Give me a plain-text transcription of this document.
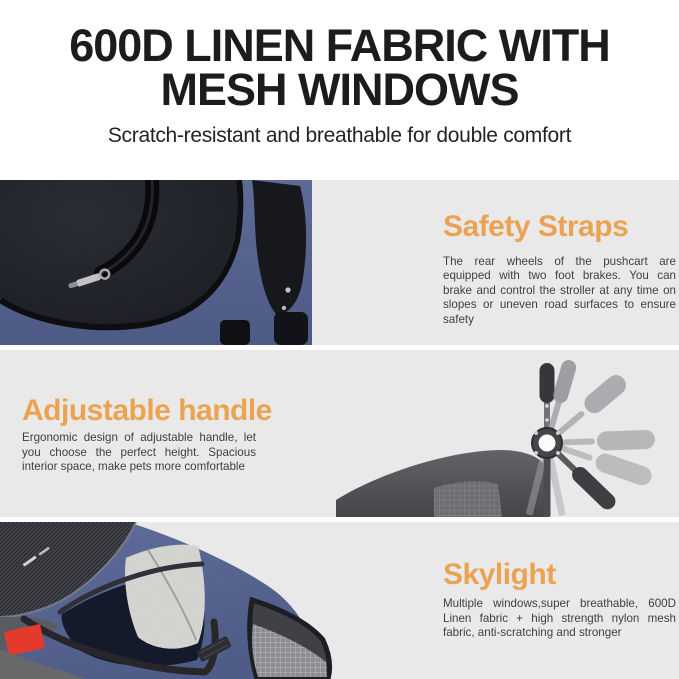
600D LINEN FABRIC WITH
MESH WINDOWS
Scratch-resistant and breathable for double comfort
Safety Straps
The rear wheels of the pushcart are equipped with two foot brakes. You can brake and control the stroller at any time on slopes or uneven road surfaces to ensure safety
Adjustable handle
Ergonomic design of adjustable handle, let you choose the perfect height. Spacious interior space, make pets more comfortable
Skylight
Multiple windows,super breathable, 600D Linen fabric + high strength nylon mesh fabric, anti-scratching and stronger
